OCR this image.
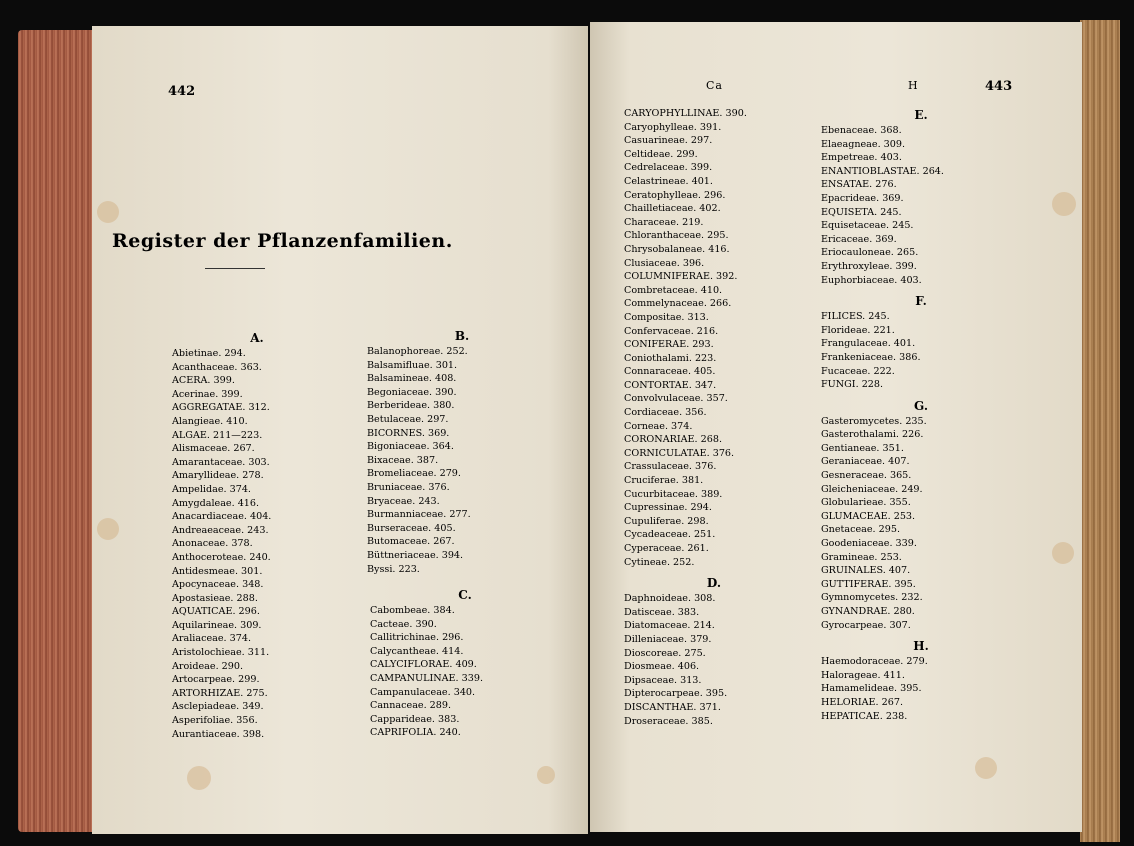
442
Register der Pflanzenfamilien.
A.
Abietinae. 294.
Acanthaceae. 363.
ACERA. 399.
Acerinae. 399.
AGGREGATAE. 312.
Alangieae. 410.
ALGAE. 211—223.
Alismaceae. 267.
Amarantaceae. 303.
Amaryllideae. 278.
Ampelidae. 374.
Amygdaleae. 416.
Anacardiaceae. 404.
Andreaeaceae. 243.
Anonaceae. 378.
Anthoceroteae. 240.
Antidesmeae. 301.
Apocynaceae. 348.
Apostasieae. 288.
AQUATICAE. 296.
Aquilarineae. 309.
Araliaceae. 374.
Aristolochieae. 311.
Aroideae. 290.
Artocarpeae. 299.
ARTORHIZAE. 275.
Asclepiadeae. 349.
Asperifoliae. 356.
Aurantiaceae. 398.
B.
Balanophoreae. 252.
Balsamifluae. 301.
Balsamineae. 408.
Begoniaceae. 390.
Berberideae. 380.
Betulaceae. 297.
BICORNES. 369.
Bigoniaceae. 364.
Bixaceae. 387.
Bromeliaceae. 279.
Bruniaceae. 376.
Bryaceae. 243.
Burmanniaceae. 277.
Burseraceae. 405.
Butomaceae. 267.
Büttneriaceae. 394.
Byssi. 223.
C.
Cabombeae. 384.
Cacteae. 390.
Callitrichinae. 296.
Calycantheae. 414.
CALYCIFLORAE. 409.
CAMPANULINAE. 339.
Campanulaceae. 340.
Cannaceae. 289.
Capparideae. 383.
CAPRIFOLIA. 240.
Ca	H	443
CARYOPHYLLINAE. 390.
Caryophylleae. 391.
Casuarineae. 297.
Celtideae. 299.
Cedrelaceae. 399.
Celastrineae. 401.
Ceratophylleae. 296.
Chailletiaceae. 402.
Characeae. 219.
Chloranthaceae. 295.
Chrysobalaneae. 416.
Clusiaceae. 396.
COLUMNIFERAE. 392.
Combretaceae. 410.
Commelynaceae. 266.
Compositae. 313.
Confervaceae. 216.
CONIFERAE. 293.
Coniothalami. 223.
Connaraceae. 405.
CONTORTAE. 347.
Convolvulaceae. 357.
Cordiaceae. 356.
Corneae. 374.
CORONARIAE. 268.
CORNICULATAE. 376.
Crassulaceae. 376.
Cruciferae. 381.
Cucurbitaceae. 389.
Cupressinae. 294.
Cupuliferae. 298.
Cycadeaceae. 251.
Cyperaceae. 261.
Cytineae. 252.
D.
Daphnoideae. 308.
Datisceae. 383.
Diatomaceae. 214.
Dilleniaceae. 379.
Dioscoreae. 275.
Diosmeae. 406.
Dipsaceae. 313.
Dipterocarpeae. 395.
DISCANTHAE. 371.
Droseraceae. 385.
E.
Ebenaceae. 368.
Elaeagneae. 309.
Empetreae. 403.
ENANTIOBLASTAE. 264.
ENSATAE. 276.
Epacrideae. 369.
EQUISETA. 245.
Equisetaceae. 245.
Ericaceae. 369.
Eriocauloneae. 265.
Erythroxyleae. 399.
Euphorbiaceae. 403.
F.
FILICES. 245.
Florideae. 221.
Frangulaceae. 401.
Frankeniaceae. 386.
Fucaceae. 222.
FUNGI. 228.
G.
Gasteromycetes. 235.
Gasterothalami. 226.
Gentianeae. 351.
Geraniaceae. 407.
Gesneraceae. 365.
Gleicheniaceae. 249.
Globularieae. 355.
GLUMACEAE. 253.
Gnetaceae. 295.
Goodeniaceae. 339.
Gramineae. 253.
GRUINALES. 407.
GUTTIFERAE. 395.
Gymnomycetes. 232.
GYNANDRAE. 280.
Gyrocarpeae. 307.
H.
Haemodoraceae. 279.
Halorageae. 411.
Hamamelideae. 395.
HELORIAE. 267.
HEPATICAE. 238.
